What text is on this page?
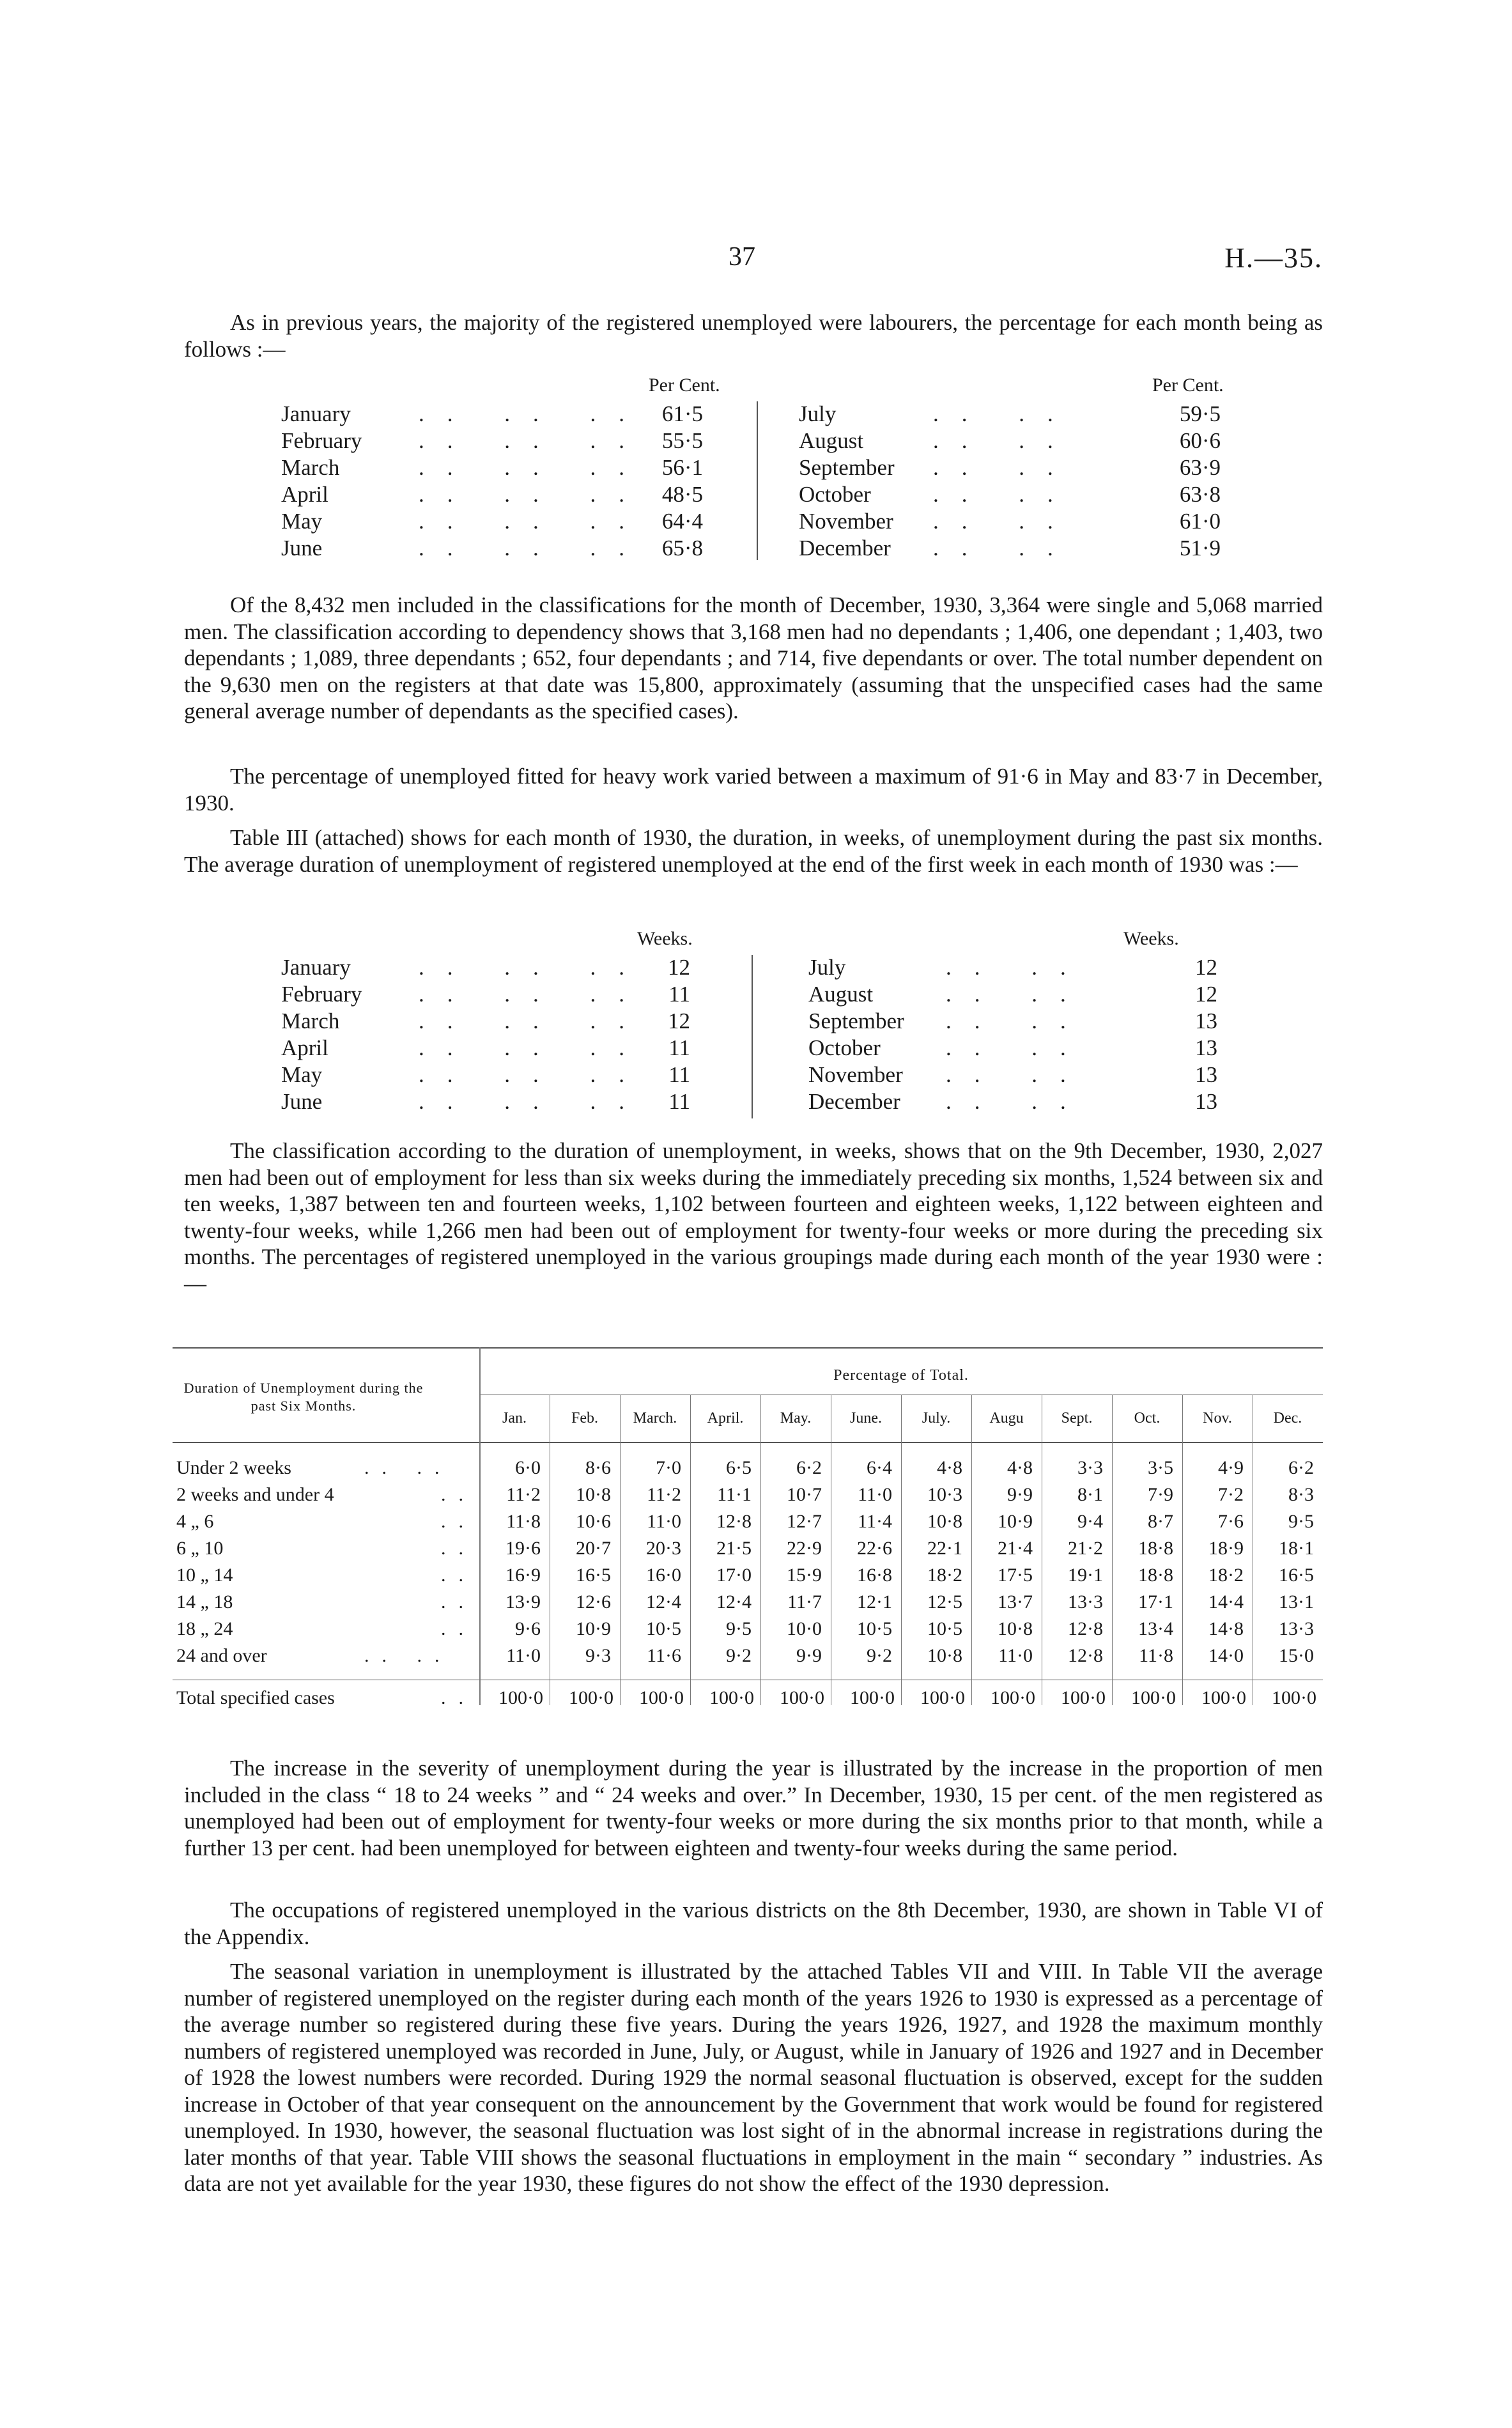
37	H.—35.

As in previous years, the majority of the registered unemployed were labourers, the percentage for each month being as follows :—

Per Cent.	Per Cent.
January	.. .. .. 61·5
February	.. .. .. 55·5
March	.. .. .. 56·1
April	.. .. .. 48·5
May	.. .. .. 64·4
June	.. .. .. 65·8
July	.. ..	59·5
August	.. ..	60·6
September .. ..	63·9
October	.. ..	63·8
November .. ..	61·0
December .. ..	51·9
Of the 8,432 men included in the classifications for the month of December, 1930, 3,364 were single and 5,068 married men. The classification according to dependency shows that 3,168 men had no dependants ; 1,406, one dependant ; 1,403, two dependants ; 1,089, three dependants ; 652, four dependants ; and 714, five dependants or over. The total number dependent on the 9,630 men on the registers at that date was 15,800, approximately (assuming that the unspecified cases had the same general average number of dependants as the specified cases).
The percentage of unemployed fitted for heavy work varied between a maximum of 91·6 in May and 83·7 in December, 1930.
Table III (attached) shows for each month of 1930, the duration, in weeks, of unemployment during the past six months. The average duration of unemployment of registered unemployed at the end of the first week in each month of 1930 was :—
Weeks.	Weeks.
January	.. .. .. 12
February	.. .. .. 11
March	.. .. .. 12
April	.. .. .. 11
May	.. .. .. 11
June	.. .. .. 11
July	.. ..	12
August	.. ..	12
September .. ..	13
October	.. ..	13
November .. ..	13
December .. ..	13
The classification according to the duration of unemployment, in weeks, shows that on the 9th December, 1930, 2,027 men had been out of employment for less than six weeks during the immediately preceding six months, 1,524 between six and ten weeks, 1,387 between ten and fourteen weeks, 1,102 between fourteen and eighteen weeks, 1,122 between eighteen and twenty-four weeks, while 1,266 men had been out of employment for twenty-four weeks or more during the preceding six months. The percentages of registered unemployed in the various groupings made during each month of the year 1930 were :—
Duration of Unemployment during the past Six Months.
Percentage of Total.
Jan.	Feb.	March.	April.	May.	June.	July.	Augu	Sept.	Oct.	Nov.	Dec.
Under 2 weeks	.. ..	6·0	8·6	7·0	6·5	6·2	6·4	4·8	4·8	3·3	3·5	4·9	6·2
2 weeks and under 4	..	11·2	10·8	11·2	11·1	10·7	11·0	10·3	9·9	8·1	7·9	7·2	8·3
4 „ 6	..	11·8	10·6	11·0	12·8	12·7	11·4	10·8	10·9	9·4	8·7	7·6	9·5
6 „ 10	..	19·6	20·7	20·3	21·5	22·9	22·6	22·1	21·4	21·2	18·8	18·9	18·1
10 „ 14	..	16·9	16·5	16·0	17·0	15·9	16·8	18·2	17·5	19·1	18·8	18·2	16·5
14 „ 18	..	13·9	12·6	12·4	12·4	11·7	12·1	12·5	13·7	13·3	17·1	14·4	13·1
18 „ 24	..	9·6	10·9	10·5	9·5	10·0	10·5	10·5	10·8	12·8	13·4	14·8	13·3
24 and over	.. ..	11·0	9·3	11·6	9·2	9·9	9·2	10·8	11·0	12·8	11·8	14·0	15·0
Total specified cases	..	100·0	100·0	100·0	100·0	100·0	100·0	100·0	100·0	100·0	100·0	100·0	100·0
The increase in the severity of unemployment during the year is illustrated by the increase in the proportion of men included in the class “ 18 to 24 weeks ” and “ 24 weeks and over.” In December, 1930, 15 per cent. of the men registered as unemployed had been out of employment for twenty-four weeks or more during the six months prior to that month, while a further 13 per cent. had been unemployed for between eighteen and twenty-four weeks during the same period.
The occupations of registered unemployed in the various districts on the 8th December, 1930, are shown in Table VI of the Appendix.
The seasonal variation in unemployment is illustrated by the attached Tables VII and VIII. In Table VII the average number of registered unemployed on the register during each month of the years 1926 to 1930 is expressed as a percentage of the average number so registered during these five years. During the years 1926, 1927, and 1928 the maximum monthly numbers of registered unemployed was recorded in June, July, or August, while in January of 1926 and 1927 and in December of 1928 the lowest numbers were recorded. During 1929 the normal seasonal fluctuation is observed, except for the sudden increase in October of that year consequent on the announcement by the Government that work would be found for registered unemployed. In 1930, however, the seasonal fluctuation was lost sight of in the abnormal increase in registrations during the later months of that year. Table VIII shows the seasonal fluctuations in employment in the main “ secondary ” industries. As data are not yet available for the year 1930, these figures do not show the effect of the 1930 depression.
